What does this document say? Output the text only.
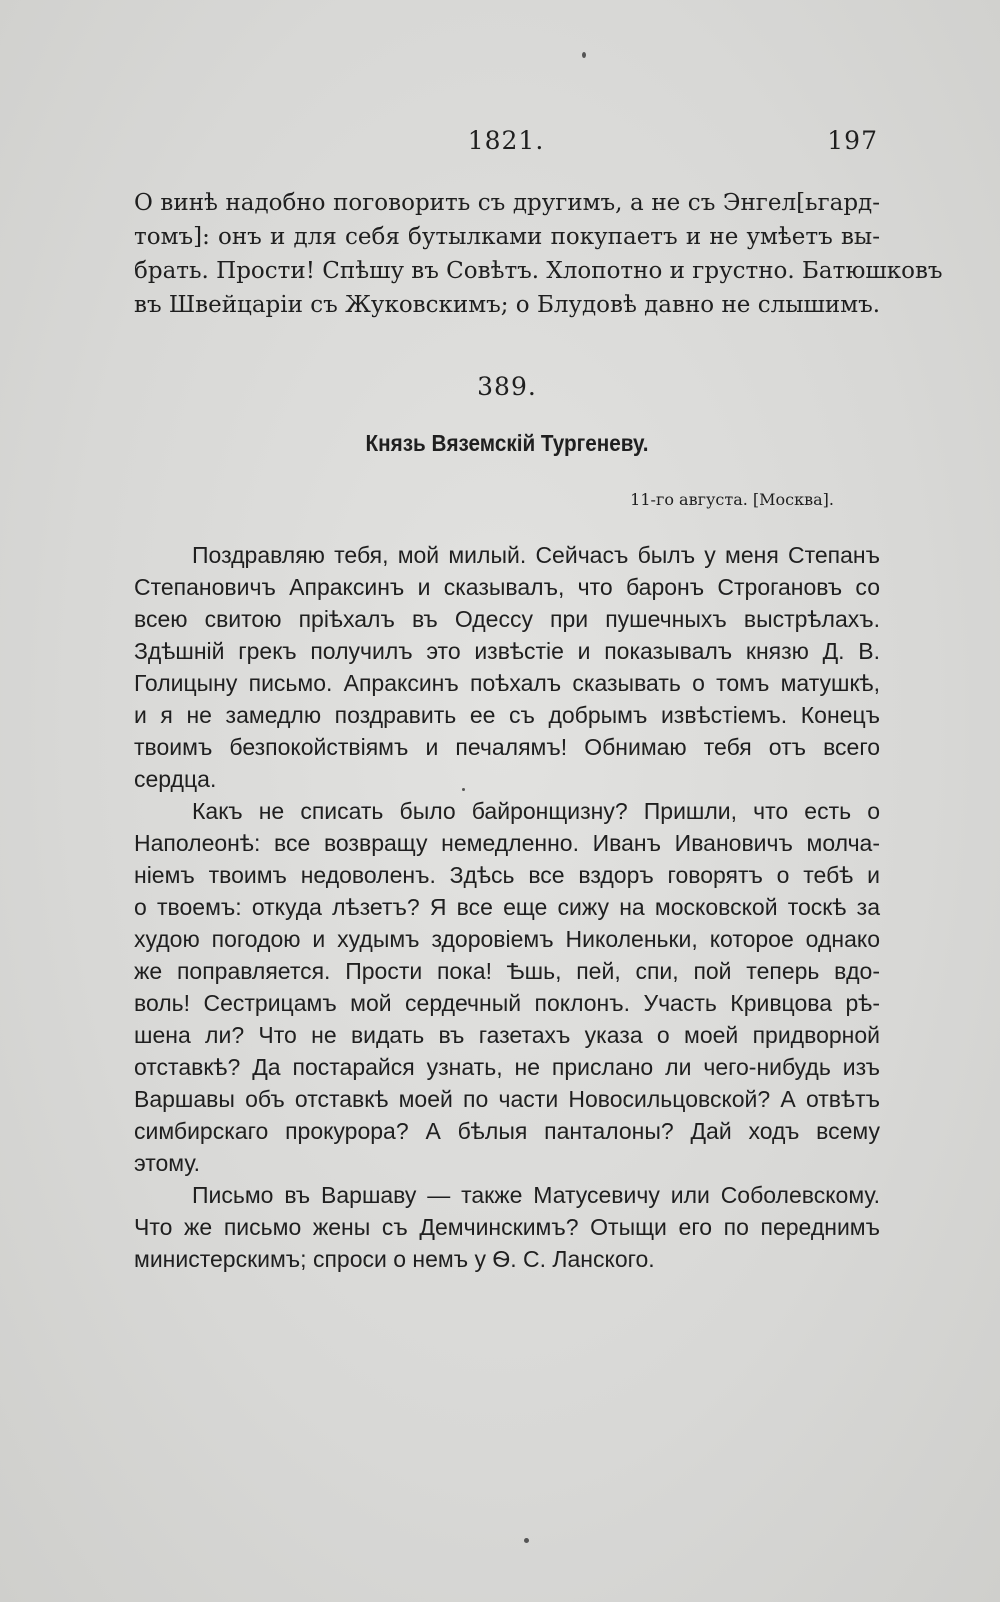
1821.	197
О винѣ надобно поговорить съ другимъ, а не съ Энгел[ьгард-
томъ]: онъ и для себя бутылками покупаетъ и не умѣетъ вы-
брать. Прости! Спѣшу въ Совѣтъ. Хлопотно и грустно. Батюшковъ
въ Швейцаріи съ Жуковскимъ; о Блудовѣ давно не слышимъ.
389.
Князь Вяземскій Тургеневу.
11-го августа. [Москва].
Поздравляю тебя, мой милый. Сейчасъ былъ у меня Степанъ
Степановичъ Апраксинъ и сказывалъ, что баронъ Строгановъ со
всею свитою пріѣхалъ въ Одессу при пушечныхъ выстрѣлахъ.
Здѣшній грекъ получилъ это извѣстіе и показывалъ князю Д. В.
Голицыну письмо. Апраксинъ поѣхалъ сказывать о томъ матушкѣ,
и я не замедлю поздравить ее съ добрымъ извѣстіемъ. Конецъ
твоимъ безпокойствіямъ и печалямъ! Обнимаю тебя отъ всего
сердца.
Какъ не списать было байронщизну? Пришли, что есть о
Наполеонѣ: все возвращу немедленно. Иванъ Ивановичъ молча-
ніемъ твоимъ недоволенъ. Здѣсь все вздоръ говорятъ о тебѣ и
о твоемъ: откуда лѣзетъ? Я все еще сижу на московской тоскѣ за
худою погодою и худымъ здоровіемъ Николеньки, которое однако
же поправляется. Прости пока! Ѣшь, пей, спи, пой теперь вдо-
воль! Сестрицамъ мой сердечный поклонъ. Участь Кривцова рѣ-
шена ли? Что не видать въ газетахъ указа о моей придворной
отставкѣ? Да постарайся узнать, не прислано ли чего-нибудь изъ
Варшавы объ отставкѣ моей по части Новосильцовской? А отвѣтъ
симбирскаго прокурора? А бѣлыя панталоны? Дай ходъ всему
этому.
Письмо въ Варшаву — также Матусевичу или Соболевскому.
Что же письмо жены съ Демчинскимъ? Отыщи его по переднимъ
министерскимъ; спроси о немъ у Ѳ. С. Ланского.
